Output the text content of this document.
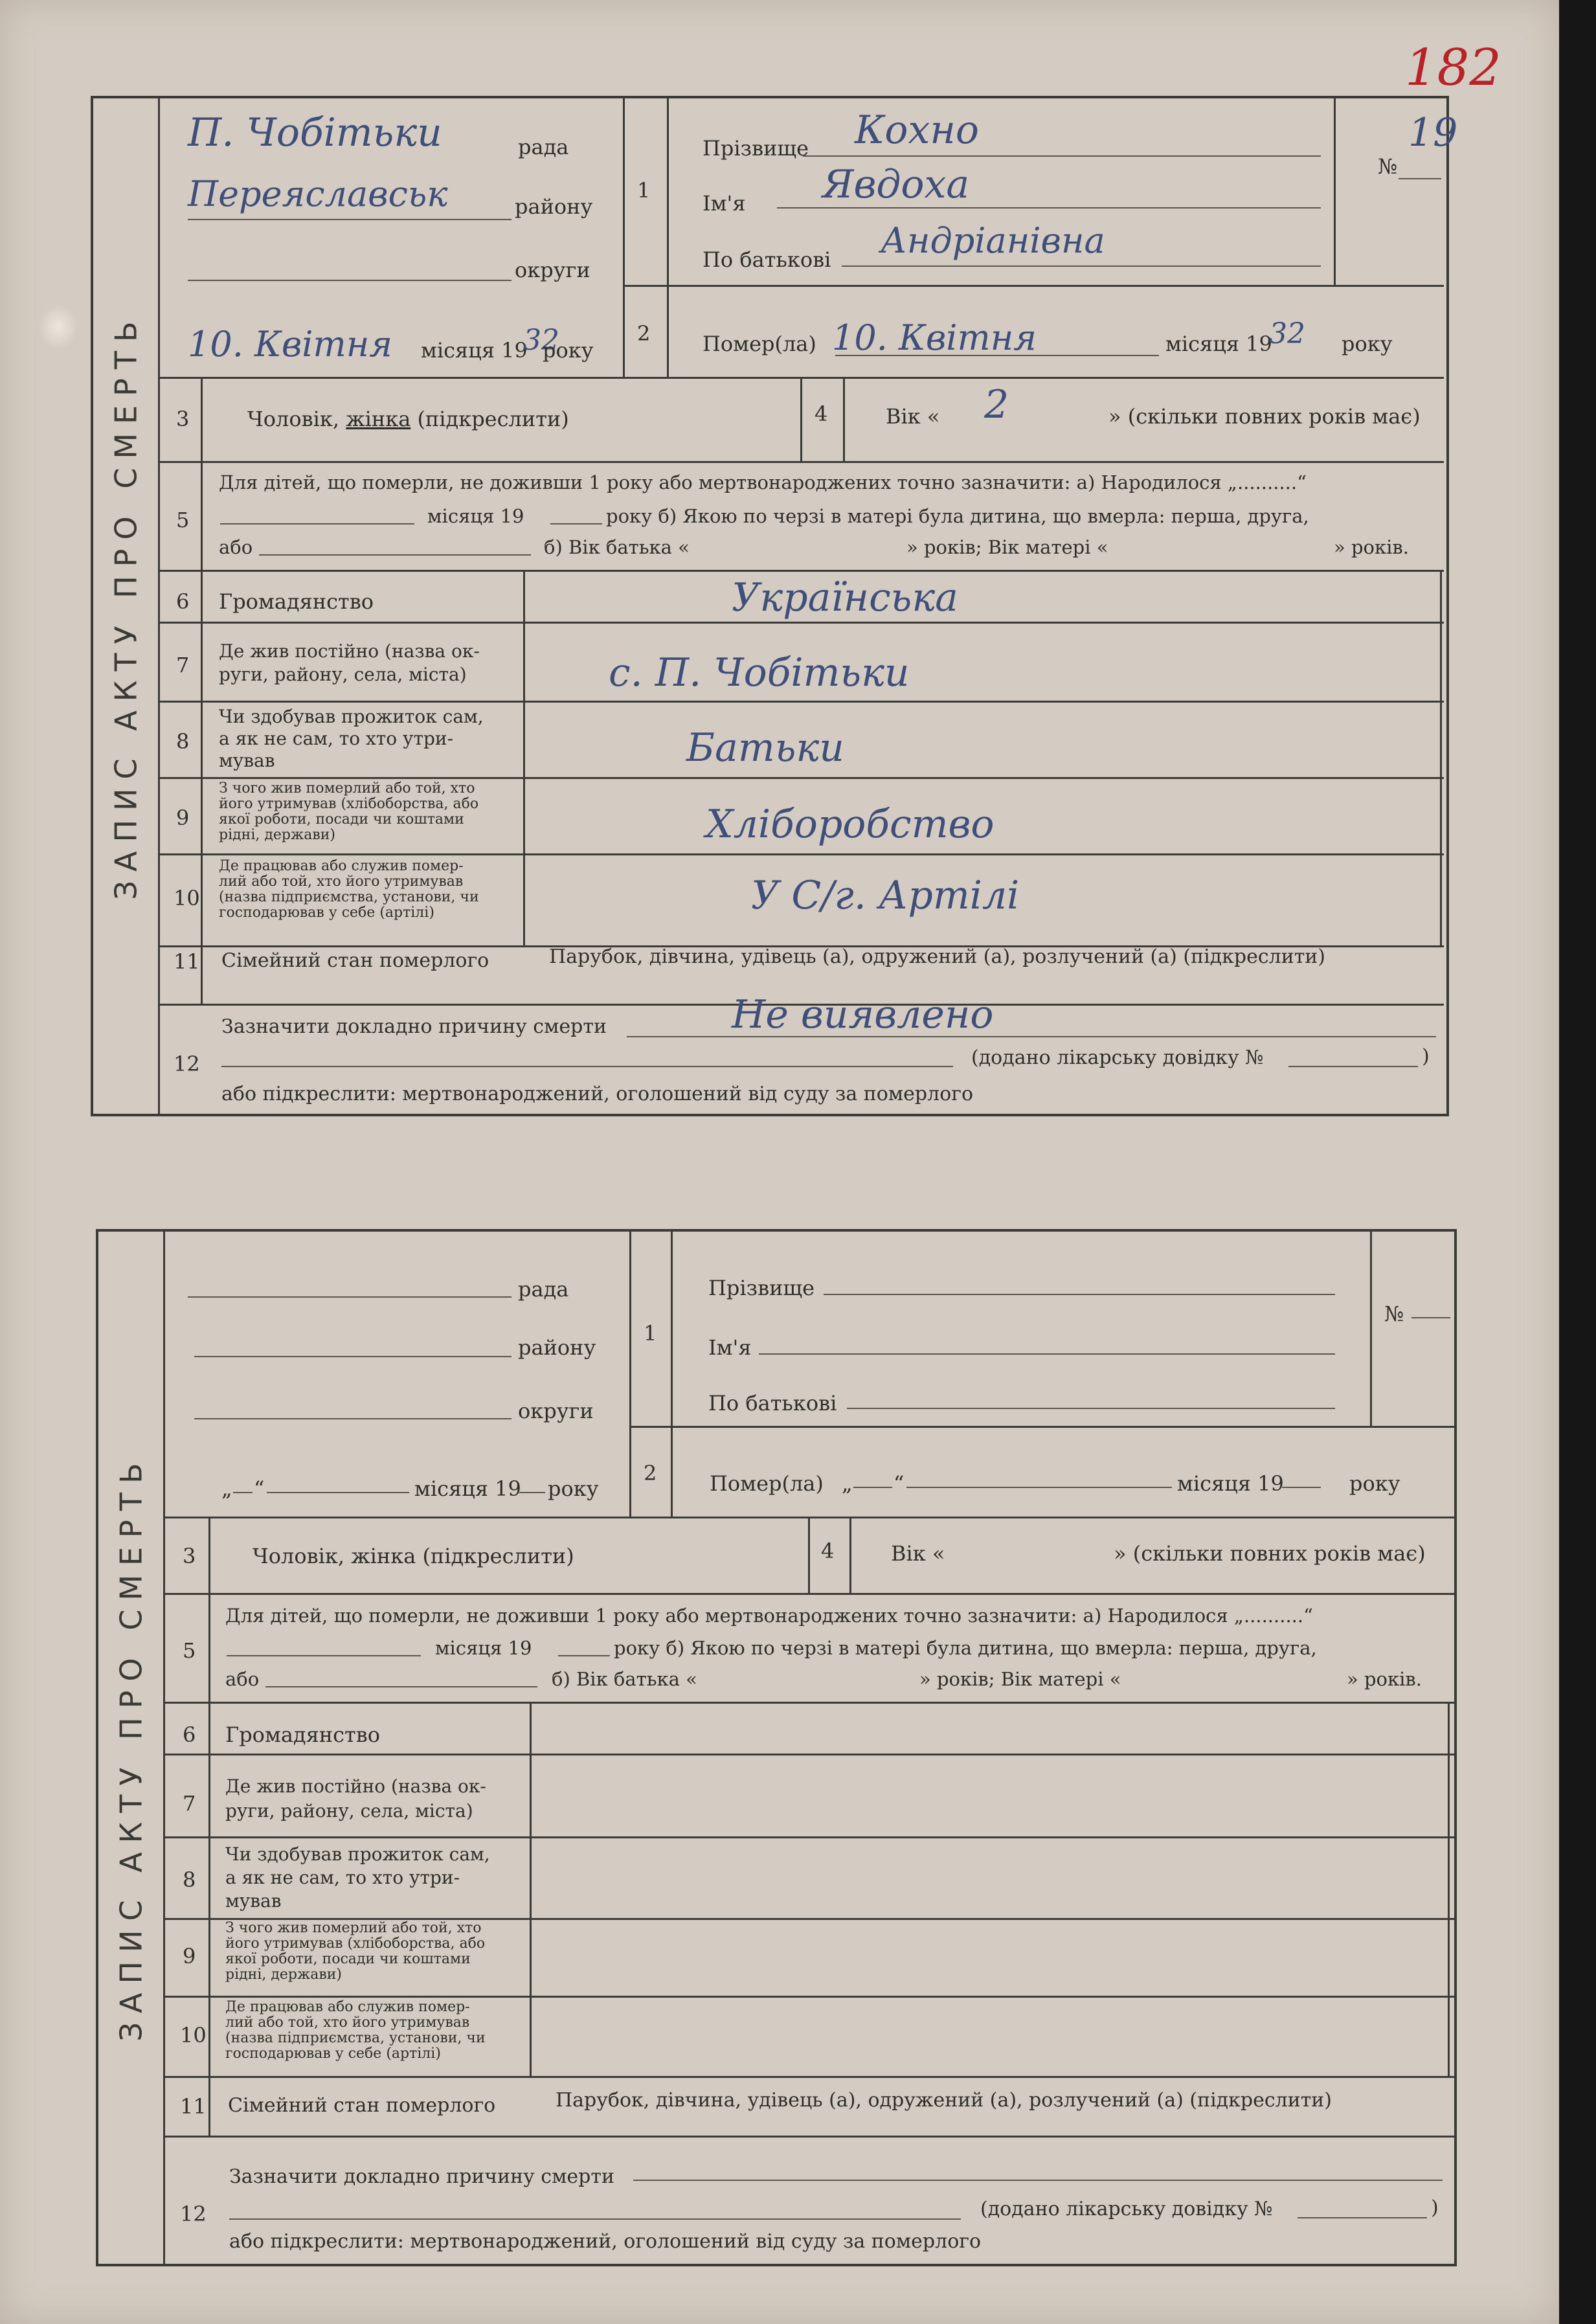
182
ЗАПИС АКТУ ПРО СМЕРТЬ
П. Чобітьки	рада
Переяславськ	району
округи
10. Квітня місяця 19
32
року
1
2
Прізвище Кохно
Ім'я Явдоха
По батькові Андріанівна
№
19
Помер(ла) 10. Квітня	місяця 19
32 року
3	Чоловік, жінка (підкреслити)	4	Вік « 2	» (скільки повних років має)
5
Для дітей, що померли, не доживши 1 року або мертвонароджених точно зазначити: а) Народилося „..........“
місяця 19	року б) Якою по черзі в матері була дитина, що вмерла: перша, друга,
або	б) Вік батька «	» років; Вік матері «	» років.
6 Громадянство	Українська
7
Де жив постійно (назва ок-
руги, району, села, міста)	с. П. Чобітьки
8
Чи здобував прожиток сам,
а як не сам, то хто утри-
мував	Батьки
9
З чого жив померлий або той, хто
його утримував (хлібоборства, або
якої роботи, посади чи коштами
рідні, держави)	Хліборобство
10
Де працював або служив помер-
лий або той, хто його утримував
(назва підприємства, установи, чи
господарював у себе (артілі)	У С/г. Артілі
11 Сімейний стан померлого	Парубок, дівчина, удівець (а), одружений (а), розлучений (а) (підкреслити)
12
Зазначити докладно причину смерти	Не виявлено
(додано лікарську довідку №	)
або підкреслити: мертвонароджений, оголошений від суду за померлого
ЗАПИС АКТУ ПРО СМЕРТЬ
рада
району
округи
„ “	місяця 19 року
1
2
Прізвище
Ім'я
По батькові
№
Помер(ла) „ “	місяця 19	року
3	Чоловік, жінка (підкреслити)	4	Вік «	» (скільки повних років має)
5
Для дітей, що померли, не доживши 1 року або мертвонароджених точно зазначити: а) Народилося „..........“
місяця 19	року б) Якою по черзі в матері була дитина, що вмерла: перша, друга,
або	б) Вік батька «	» років; Вік матері «	» років.
6 Громадянство
7
Де жив постійно (назва ок-
руги, району, села, міста)
8
Чи здобував прожиток сам,
а як не сам, то хто утри-
мував
9
З чого жив померлий або той, хто
його утримував (хлібоборства, або
якої роботи, посади чи коштами
рідні, держави)
10
Де працював або служив помер-
лий або той, хто його утримував
(назва підприємства, установи, чи
господарював у себе (артілі)
11 Сімейний стан померлого	Парубок, дівчина, удівець (а), одружений (а), розлучений (а) (підкреслити)
12
Зазначити докладно причину смерти
(додано лікарську довідку №	)
або підкреслити: мертвонароджений, оголошений від суду за померлого
